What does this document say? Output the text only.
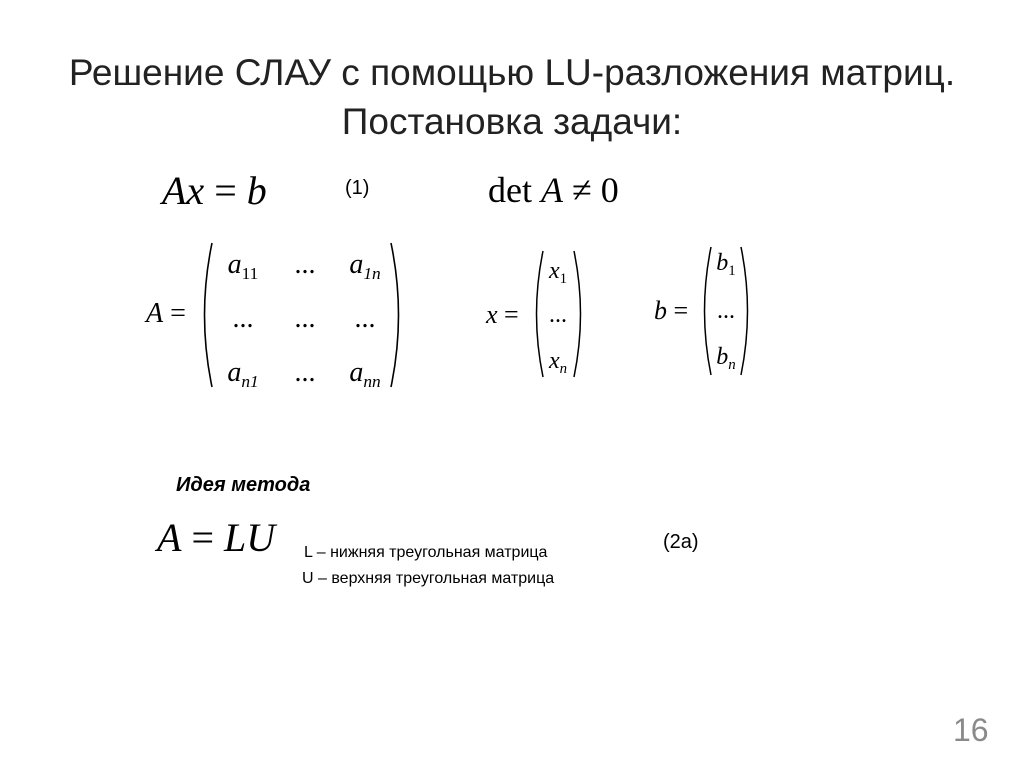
Решение СЛАУ с помощью LU-разложения матриц.
Постановка задачи:
Ax = b	(1)	det A ≠ 0
A =
$a_{11}$	...	$a_{1n}$
...	...	...
$a_{n1}$	...	$a_{nn}$
x =
$x_1$
...
$x_n$
b =
$b_1$
...
$b_n$
Идея метода
A = LU	(2а)
L – нижняя треугольная матрица
U – верхняя треугольная матрица
16
